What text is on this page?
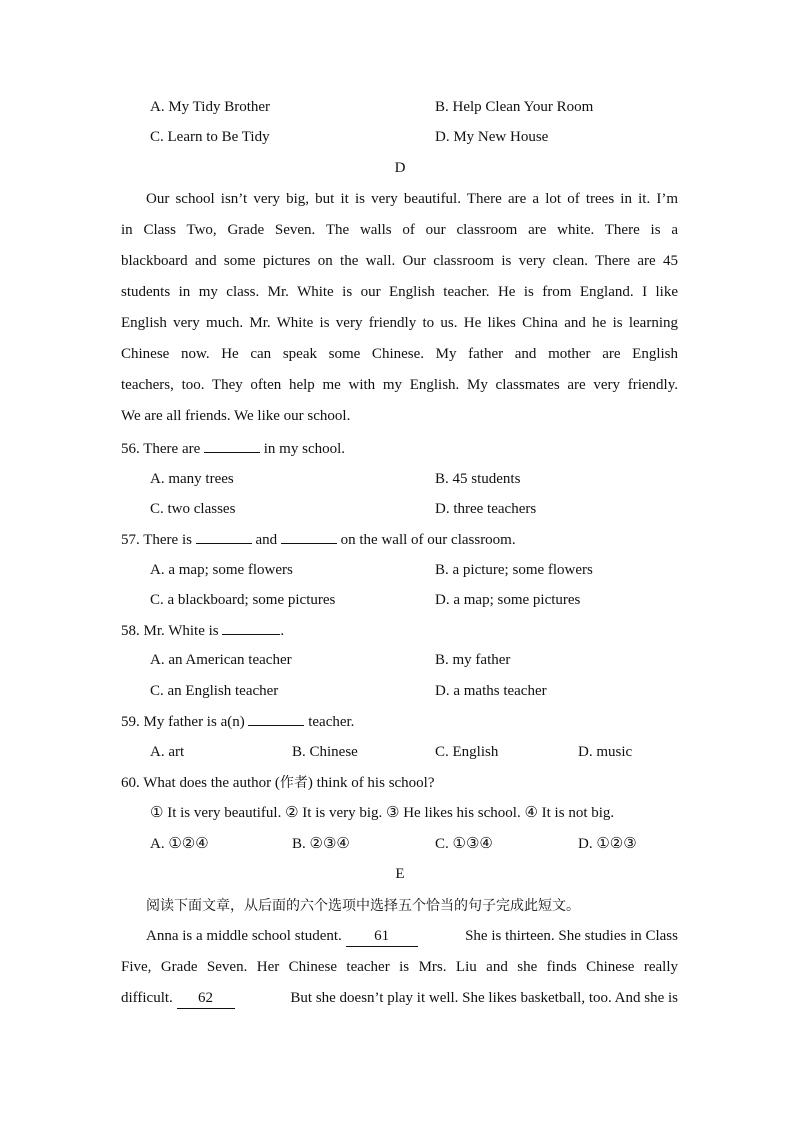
A. My Tidy Brother	B. Help Clean Your Room
C. Learn to Be Tidy	D. My New House
D
Our school isn’t very big, but it is very beautiful. There are a lot of trees in it. I’m
in Class Two, Grade Seven. The walls of our classroom are white. There is a
blackboard and some pictures on the wall. Our classroom is very clean. There are 45
students in my class. Mr. White is our English teacher. He is from England. I like
English very much. Mr. White is very friendly to us. He likes China and he is learning
Chinese now. He can speak some Chinese. My father and mother are English
teachers, too. They often help me with my English. My classmates are very friendly.
We are all friends. We like our school.
56. There are	in my school.
A. many trees	B. 45 students
C. two classes	D. three teachers
57. There is	and	on the wall of our classroom.
A. a map; some flowers	B. a picture; some flowers
C. a blackboard; some pictures	D. a map; some pictures
58. Mr. White is	.
A. an American teacher	B. my father
C. an English teacher	D. a maths teacher
59. My father is a(n)	teacher.
A. art	B. Chinese	C. English	D. music
60. What does the author (作者) think of his school?
① It is very beautiful. ② It is very big. ③ He likes his school. ④ It is not big.
A. ①②④	B. ②③④	C. ①③④	D. ①②③
E
阅读下面文章，从后面的六个选项中选择五个恰当的句子完成此短文。
Anna is a middle school student. 61	She is thirteen. She studies in Class
Five, Grade Seven. Her Chinese teacher is Mrs. Liu and she finds Chinese really
difficult. 62	But she doesn’t play it well. She likes basketball, too. And she is
